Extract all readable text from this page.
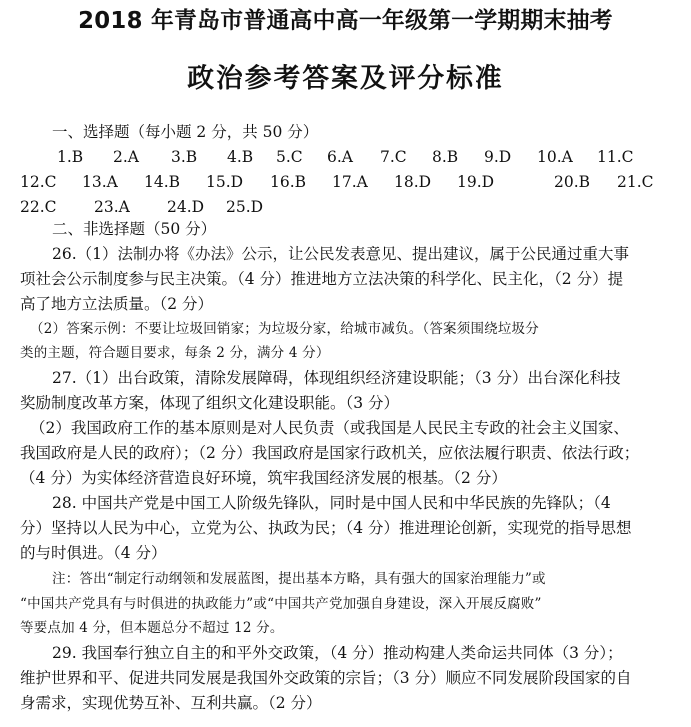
2018 年青岛市普通高中高一年级第一学期期末抽考
政治参考答案及评分标准
一、选择题（每小题 2 分，共 50 分）
1.B 2.A 3.B 4.B 5.C 6.A 7.C 8.B 9.D 10.A 11.C
12.C 13.A 14.B 15.D 16.B 17.A 18.D 19.D	20.B 21.C
22.C 23.A 24.D 25.D
二、非选择题（50 分）
26.（1）法制办将《办法》公示，让公民发表意见、提出建议，属于公民通过重大事
项社会公示制度参与民主决策。（4 分）推进地方立法决策的科学化、民主化，（2 分）提
高了地方立法质量。（2 分）
（2）答案示例：不要让垃圾回销家；为垃圾分家，给城市减负。（答案须围绕垃圾分
类的主题，符合题目要求，每条 2 分，满分 4 分）
27.（1）出台政策，清除发展障碍，体现组织经济建设职能；（3 分）出台深化科技
奖励制度改革方案，体现了组织文化建设职能。（3 分）
（2）我国政府工作的基本原则是对人民负责（或我国是人民民主专政的社会主义国家、
我国政府是人民的政府）；（2 分）我国政府是国家行政机关，应依法履行职责、依法行政；
（4 分）为实体经济营造良好环境，筑牢我国经济发展的根基。（2 分）
28. 中国共产党是中国工人阶级先锋队，同时是中国人民和中华民族的先锋队；（4
分）坚持以人民为中心，立党为公、执政为民；（4 分）推进理论创新，实现党的指导思想
的与时俱进。（4 分）
注：答出“制定行动纲领和发展蓝图，提出基本方略，具有强大的国家治理能力”或
“中国共产党具有与时俱进的执政能力”或“中国共产党加强自身建设，深入开展反腐败”
等要点加 4 分，但本题总分不超过 12 分。
29. 我国奉行独立自主的和平外交政策，（4 分）推动构建人类命运共同体（3 分）；
维护世界和平、促进共同发展是我国外交政策的宗旨；（3 分）顺应不同发展阶段国家的自
身需求，实现优势互补、互利共赢。（2 分）
